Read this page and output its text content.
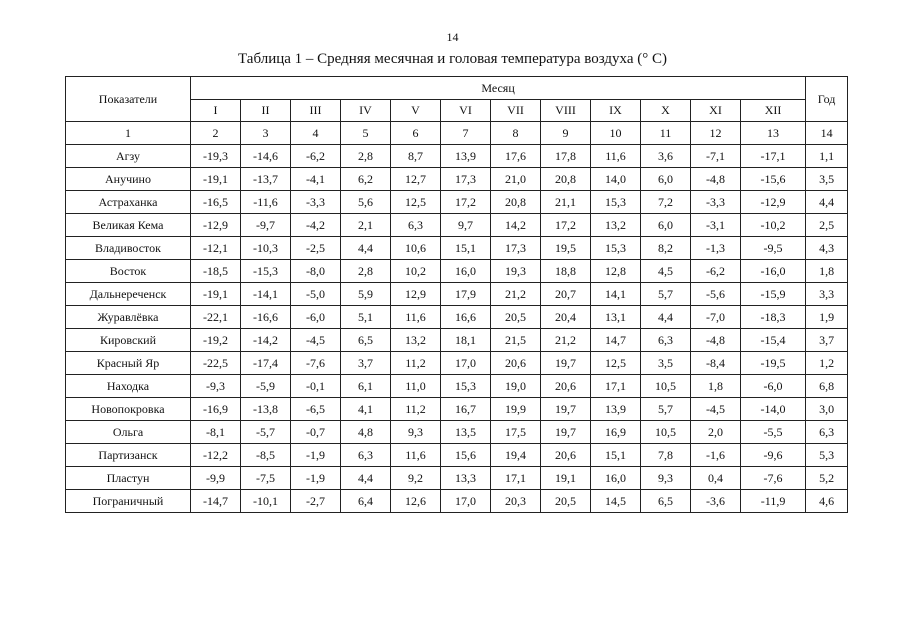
14
Таблица 1 – Средняя месячная и головая температура воздуха (° С)
Показатели	Месяц												Год
	I	II	III	IV	V	VI	VII	VIII	IX	X	XI	XII	
1	2	3	4	5	6	7	8	9	10	11	12	13	14
Агзу	-19,3	-14,6	-6,2	2,8	8,7	13,9	17,6	17,8	11,6	3,6	-7,1	-17,1	1,1
Анучино	-19,1	-13,7	-4,1	6,2	12,7	17,3	21,0	20,8	14,0	6,0	-4,8	-15,6	3,5
Астраханка	-16,5	-11,6	-3,3	5,6	12,5	17,2	20,8	21,1	15,3	7,2	-3,3	-12,9	4,4
Великая Кема	-12,9	-9,7	-4,2	2,1	6,3	9,7	14,2	17,2	13,2	6,0	-3,1	-10,2	2,5
Владивосток	-12,1	-10,3	-2,5	4,4	10,6	15,1	17,3	19,5	15,3	8,2	-1,3	-9,5	4,3
Восток	-18,5	-15,3	-8,0	2,8	10,2	16,0	19,3	18,8	12,8	4,5	-6,2	-16,0	1,8
Дальнереченск	-19,1	-14,1	-5,0	5,9	12,9	17,9	21,2	20,7	14,1	5,7	-5,6	-15,9	3,3
Журавлёвка	-22,1	-16,6	-6,0	5,1	11,6	16,6	20,5	20,4	13,1	4,4	-7,0	-18,3	1,9
Кировский	-19,2	-14,2	-4,5	6,5	13,2	18,1	21,5	21,2	14,7	6,3	-4,8	-15,4	3,7
Красный Яр	-22,5	-17,4	-7,6	3,7	11,2	17,0	20,6	19,7	12,5	3,5	-8,4	-19,5	1,2
Находка	-9,3	-5,9	-0,1	6,1	11,0	15,3	19,0	20,6	17,1	10,5	1,8	-6,0	6,8
Новопокровка	-16,9	-13,8	-6,5	4,1	11,2	16,7	19,9	19,7	13,9	5,7	-4,5	-14,0	3,0
Ольга	-8,1	-5,7	-0,7	4,8	9,3	13,5	17,5	19,7	16,9	10,5	2,0	-5,5	6,3
Партизанск	-12,2	-8,5	-1,9	6,3	11,6	15,6	19,4	20,6	15,1	7,8	-1,6	-9,6	5,3
Пластун	-9,9	-7,5	-1,9	4,4	9,2	13,3	17,1	19,1	16,0	9,3	0,4	-7,6	5,2
Пограничный	-14,7	-10,1	-2,7	6,4	12,6	17,0	20,3	20,5	14,5	6,5	-3,6	-11,9	4,6
